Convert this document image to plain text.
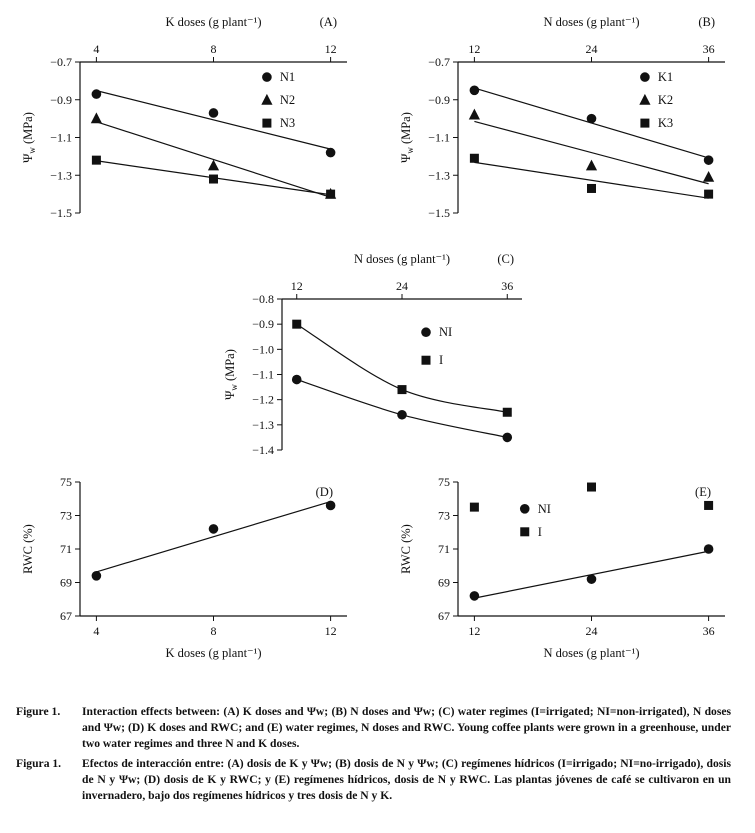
4	8	12
−0.7
−0.9
−1.1
−1.3
−1.5
K doses (g plant⁻¹)	(A)
$\Psi_w$ (MPa)
N1
N2
N3
12	24	36
−0.7
−0.9
−1.1
−1.3
−1.5
N doses (g plant⁻¹)	(B)
$\Psi_w$ (MPa)
K1
K2
K3
12	24	36
−0.8
−0.9
−1.0
−1.1
−1.2
−1.3
−1.4
N doses (g plant⁻¹)	(C)
$\Psi_w$ (MPa)
NI
I
4	8	12
75
73
71
69
67
K doses (g plant⁻¹)
(D)
RWC (%)
12	24	36
75
73
71
69
67
N doses (g plant⁻¹)
(E)
RWC (%)
NI
I
Figure 1.	Interaction effects between: (A) K doses and Ψw; (B) N doses and Ψw; (C) water regimes (I=irrigated; NI=non-irrigated), N doses and Ψw; (D) K doses and RWC; and (E) water regimes, N doses and RWC. Young coffee plants were grown in a greenhouse, under two water regimes and three N and K doses.
Figura 1.	Efectos de interacción entre: (A) dosis de K y Ψw; (B) dosis de N y Ψw; (C) regímenes hídricos (I=irrigado; NI=no-irrigado), dosis de N y Ψw; (D) dosis de K y RWC; y (E) regímenes hídricos, dosis de N y RWC. Las plantas jóvenes de café se cultivaron en un invernadero, bajo dos regímenes hídricos y tres dosis de N y K.
